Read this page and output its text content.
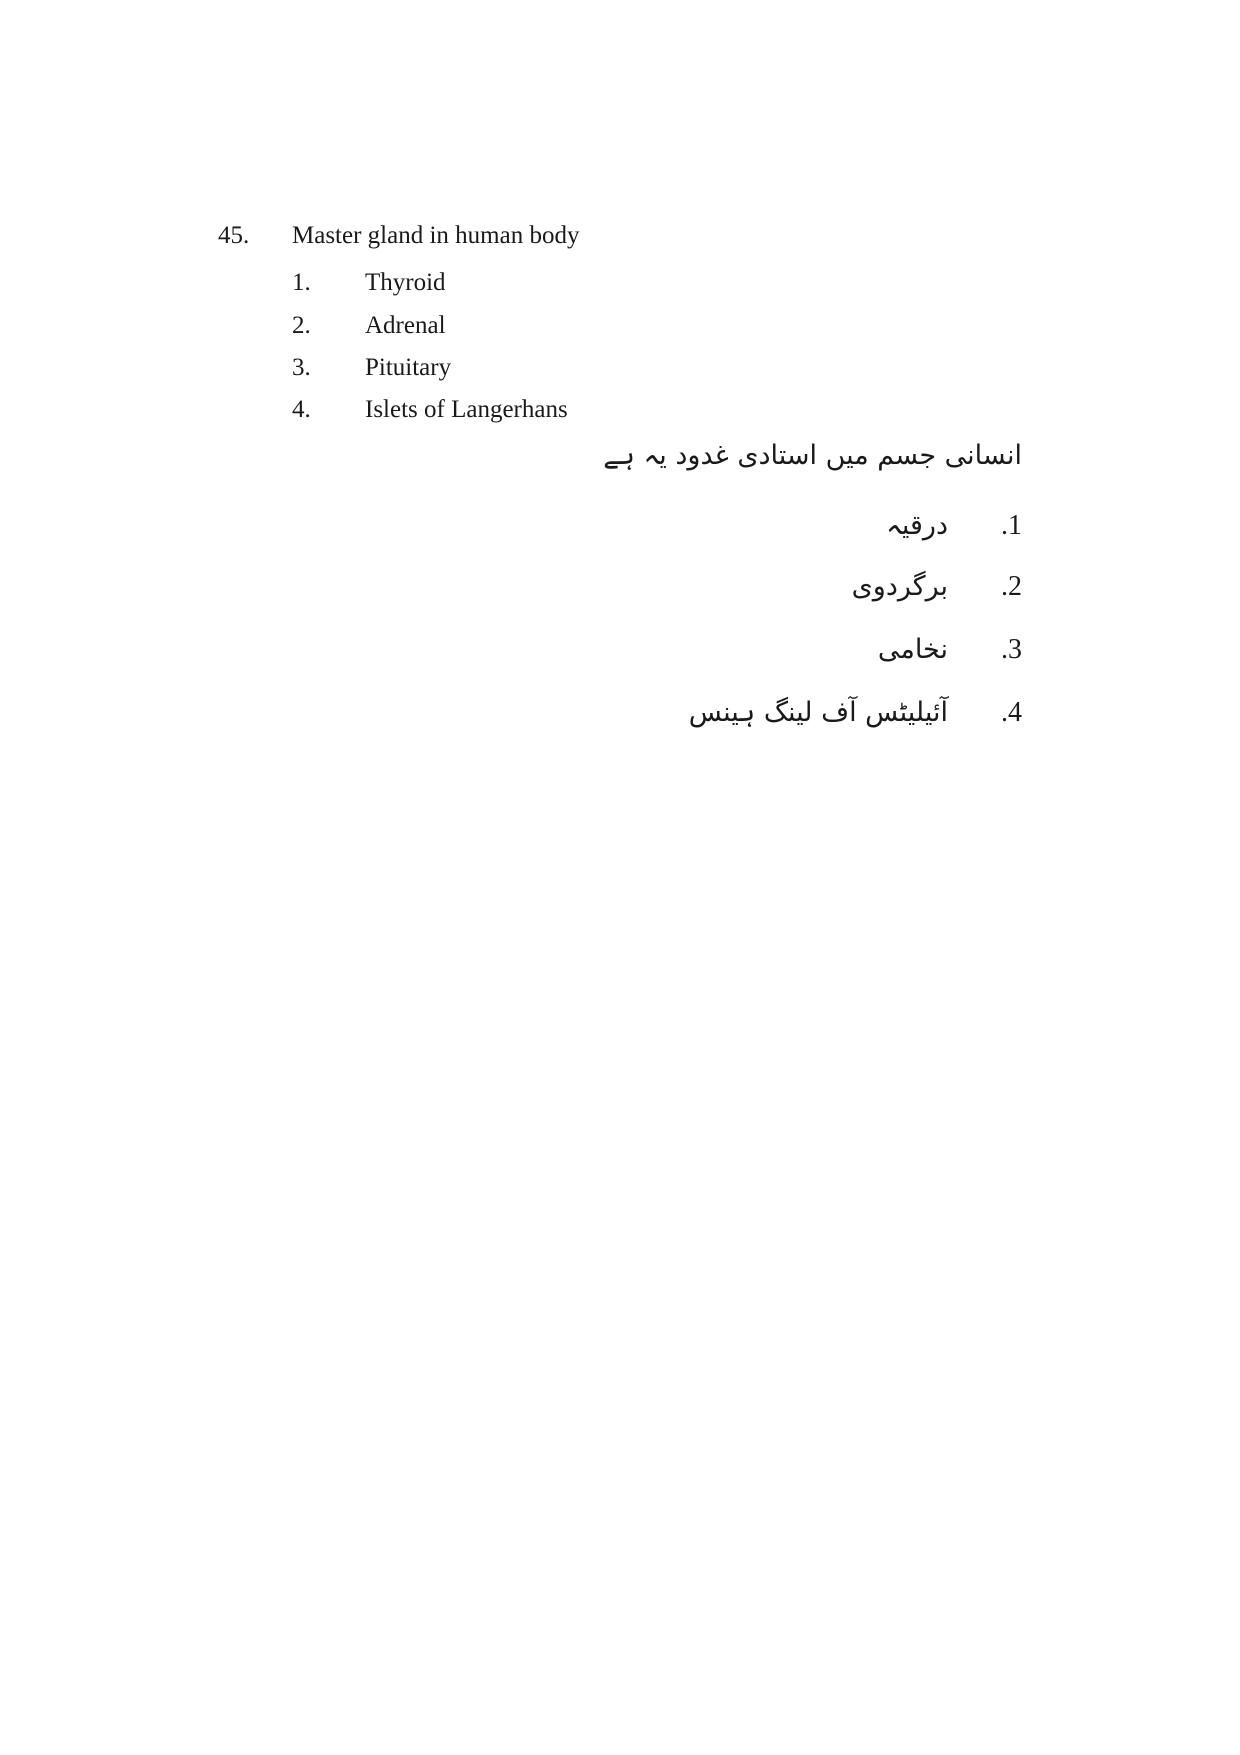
45. Master gland in human body
1. Thyroid
2. Adrenal
3. Pituitary
4. Islets of Langerhans
انسانی جسم میں استادی غدود یہ ہے
.1درقیہ
.2برگردوی
.3نخامی
.4آئیلیٹس آف لینگ ہینس
